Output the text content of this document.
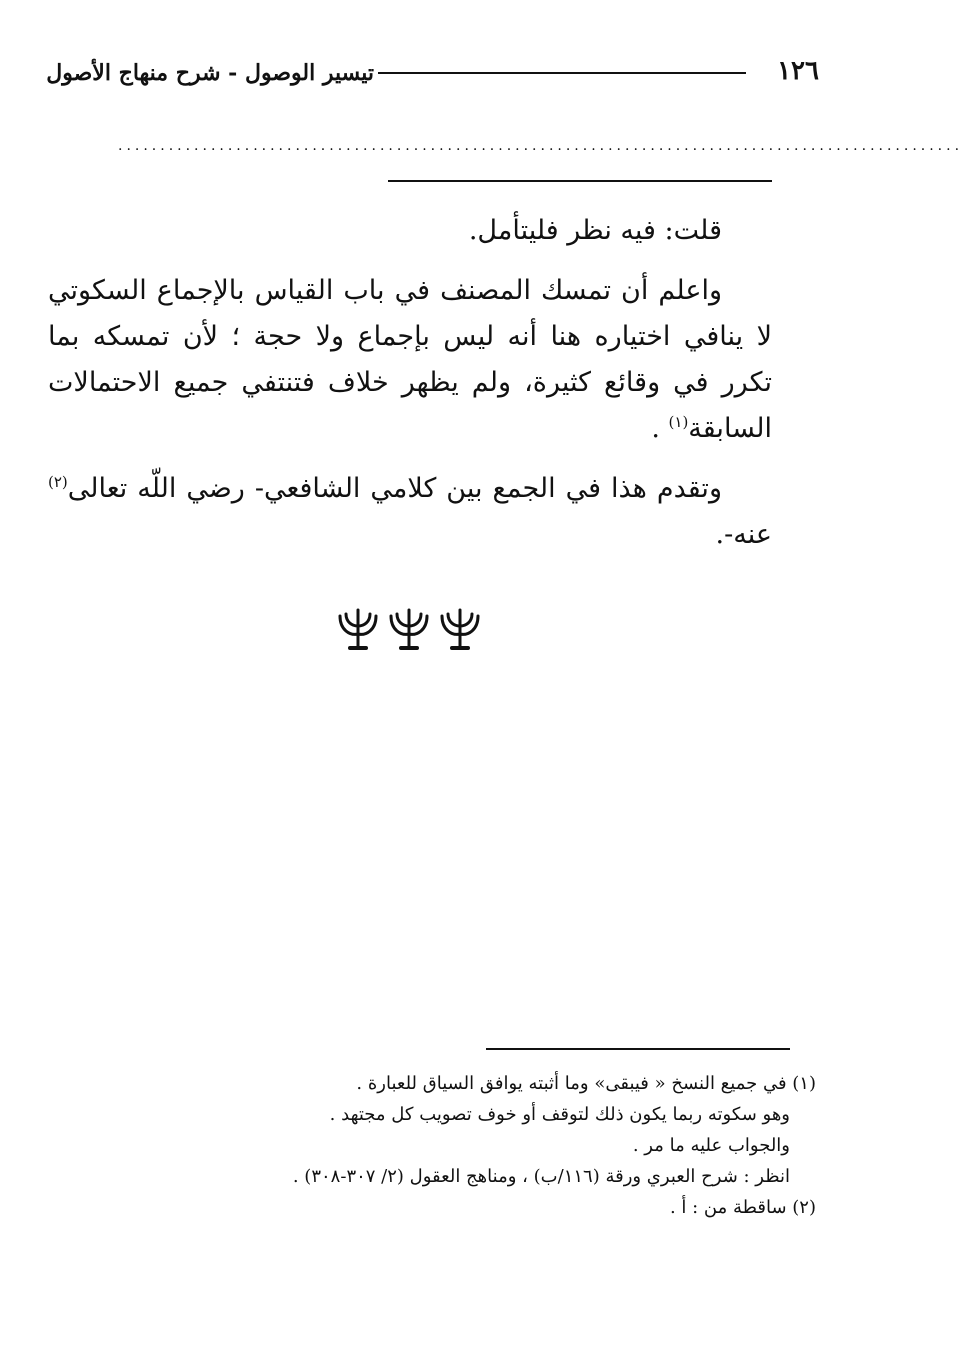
١٢٦
تيسير الوصول - شرح منهاج الأصول
....................................................................................................

قلت: فيه نظر فليتأمل.

واعلم أن تمسك المصنف في باب القياس بالإجماع السكوتي لا ينافي اختياره هنا أنه ليس بإجماع ولا حجة ؛ لأن تمسكه بما تكرر في وقائع كثيرة، ولم يظهر خلاف فتنتفي جميع الاحتمالات السابقة$^{(١)}$ .

وتقدم هذا في الجمع بين كلامي الشافعي- رضي اللّه تعالى$^{(٢)}$ عنه-.

(١) في جميع النسخ « فيبقى» وما أثبته يوافق السياق للعبارة .

وهو سكوته ربما يكون ذلك لتوقف أو خوف تصويب كل مجتهد .

والجواب عليه ما مر .

انظر : شرح العبري ورقة (١١٦/ب) ، ومناهج العقول (٢/ ٣٠٧-٣٠٨) .

(٢) ساقطة من : أ .
